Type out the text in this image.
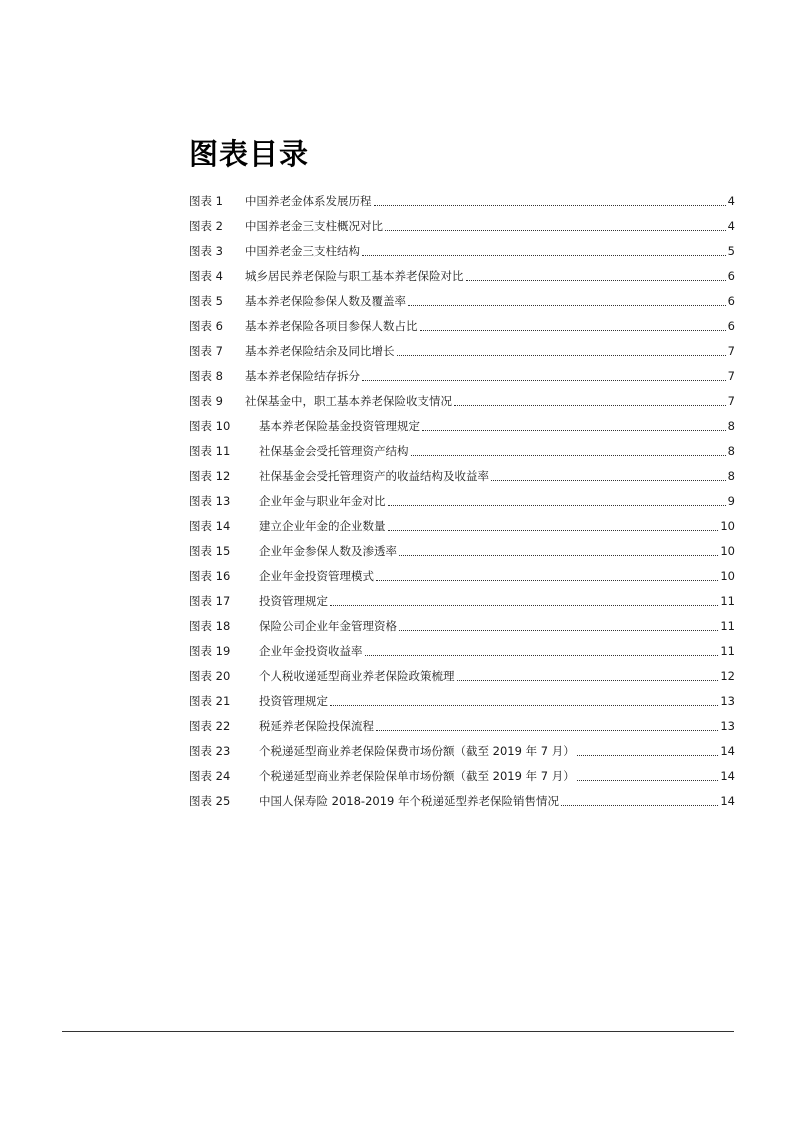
图表目录
图表 1	中国养老金体系发展历程	4
图表 2	中国养老金三支柱概况对比	4
图表 3	中国养老金三支柱结构	5
图表 4	城乡居民养老保险与职工基本养老保险对比	6
图表 5	基本养老保险参保人数及覆盖率	6
图表 6	基本养老保险各项目参保人数占比	6
图表 7	基本养老保险结余及同比增长	7
图表 8	基本养老保险结存拆分	7
图表 9	社保基金中，职工基本养老保险收支情况	7
图表 10	基本养老保险基金投资管理规定	8
图表 11	社保基金会受托管理资产结构	8
图表 12	社保基金会受托管理资产的收益结构及收益率	8
图表 13	企业年金与职业年金对比	9
图表 14	建立企业年金的企业数量	10
图表 15	企业年金参保人数及渗透率	10
图表 16	企业年金投资管理模式	10
图表 17	投资管理规定	11
图表 18	保险公司企业年金管理资格	11
图表 19	企业年金投资收益率	11
图表 20	个人税收递延型商业养老保险政策梳理	12
图表 21	投资管理规定	13
图表 22	税延养老保险投保流程	13
图表 23	个税递延型商业养老保险保费市场份额（截至 2019 年 7 月）	14
图表 24	个税递延型商业养老保险保单市场份额（截至 2019 年 7 月）	14
图表 25	中国人保寿险 2018-2019 年个税递延型养老保险销售情况	14
